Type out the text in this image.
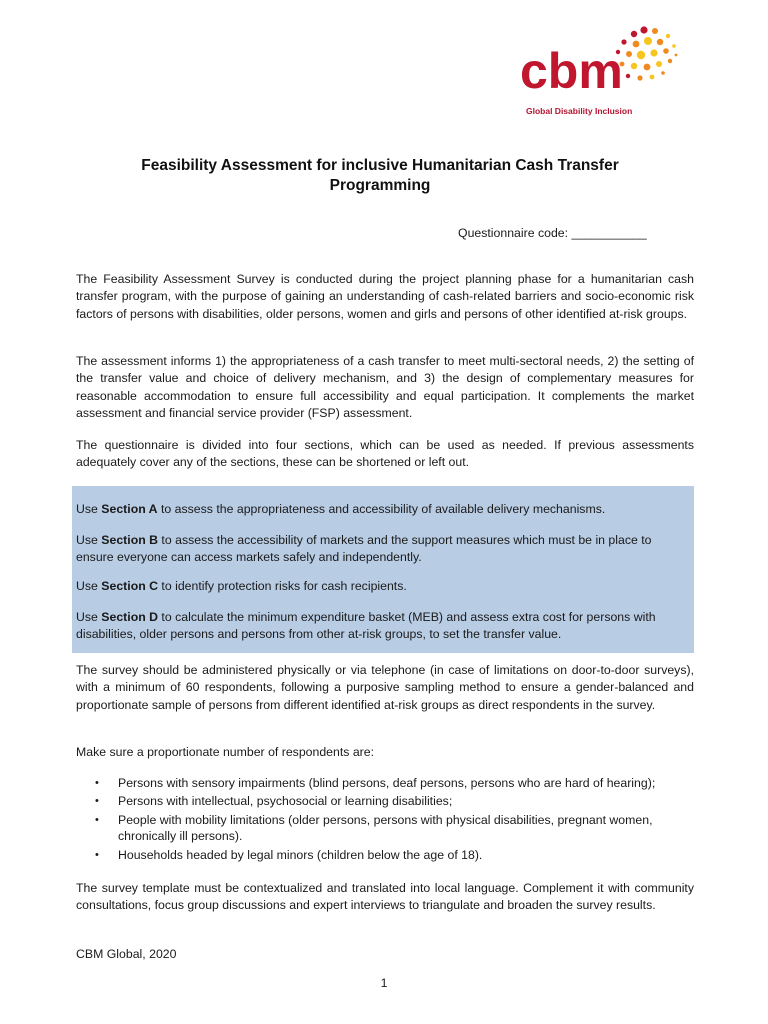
cbm
Global Disability Inclusion
Feasibility Assessment for inclusive Humanitarian Cash Transfer Programming
Questionnaire code: ___________

The Feasibility Assessment Survey is conducted during the project planning phase for a humanitarian cash transfer program, with the purpose of gaining an understanding of cash-related barriers and socio-economic risk factors of persons with disabilities, older persons, women and girls and persons of other identified at-risk groups.

The assessment informs 1) the appropriateness of a cash transfer to meet multi-sectoral needs, 2) the setting of the transfer value and choice of delivery mechanism, and 3) the design of complementary measures for reasonable accommodation to ensure full accessibility and equal participation. It complements the market assessment and financial service provider (FSP) assessment.

The questionnaire is divided into four sections, which can be used as needed. If previous assessments adequately cover any of the sections, these can be shortened or left out.

Use Section A to assess the appropriateness and accessibility of available delivery mechanisms.

Use Section B to assess the accessibility of markets and the support measures which must be in place to ensure everyone can access markets safely and independently.

Use Section C to identify protection risks for cash recipients.

Use Section D to calculate the minimum expenditure basket (MEB) and assess extra cost for persons with disabilities, older persons and persons from other at-risk groups, to set the transfer value.

The survey should be administered physically or via telephone (in case of limitations on door-to-door surveys), with a minimum of 60 respondents, following a purposive sampling method to ensure a gender-balanced and proportionate sample of persons from different identified at-risk groups as direct respondents in the survey.

Make sure a proportionate number of respondents are:

• Persons with sensory impairments (blind persons, deaf persons, persons who are hard of hearing);
• Persons with intellectual, psychosocial or learning disabilities;
• People with mobility limitations (older persons, persons with physical disabilities, pregnant women, chronically ill persons).
• Households headed by legal minors (children below the age of 18).

The survey template must be contextualized and translated into local language. Complement it with community consultations, focus group discussions and expert interviews to triangulate and broaden the survey results.

CBM Global, 2020

1
